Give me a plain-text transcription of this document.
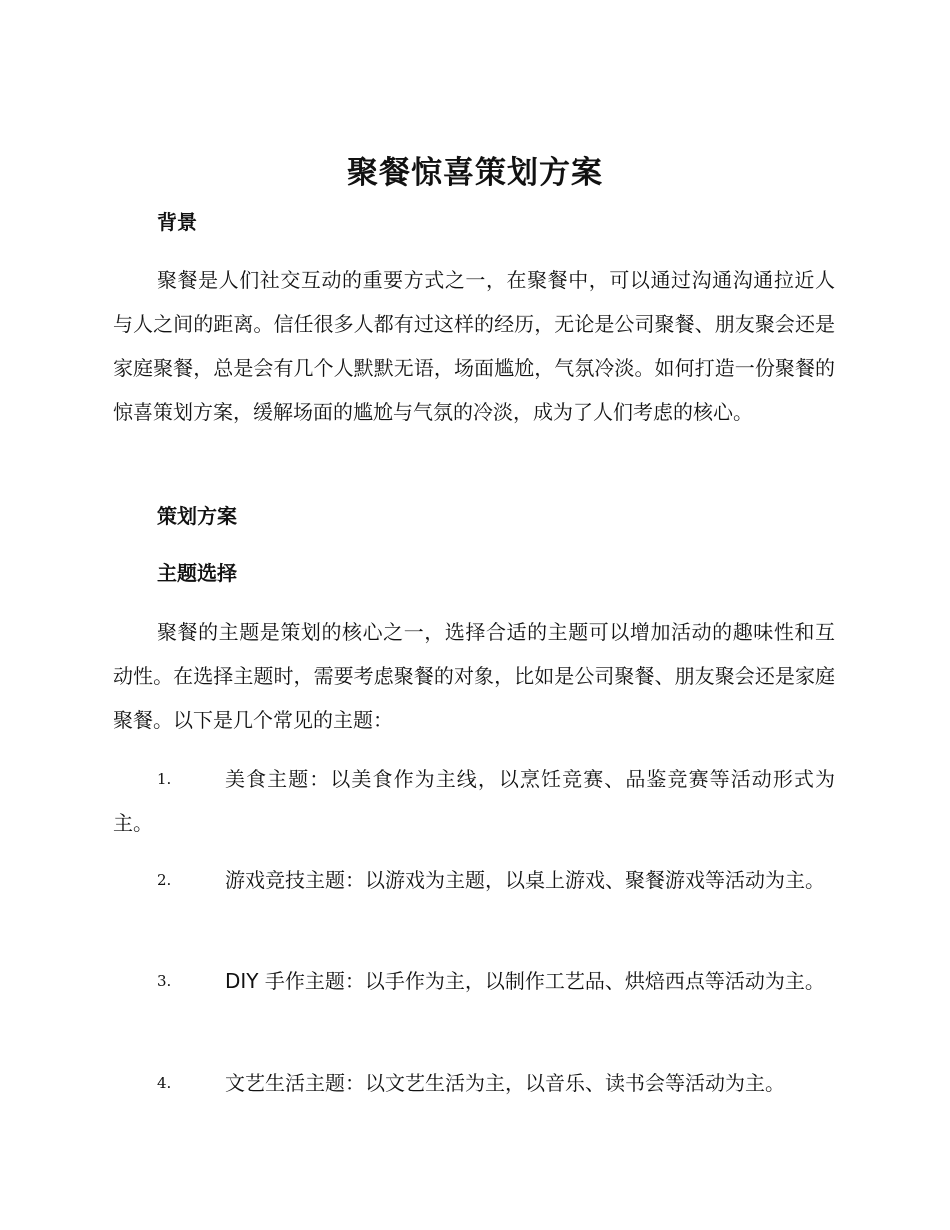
聚餐惊喜策划方案
背景
聚餐是人们社交互动的重要方式之一，在聚餐中，可以通过沟通沟通拉近人与人之间的距离。信任很多人都有过这样的经历，无论是公司聚餐、朋友聚会还是家庭聚餐，总是会有几个人默默无语，场面尴尬，气氛冷淡。如何打造一份聚餐的惊喜策划方案，缓解场面的尴尬与气氛的冷淡，成为了人们考虑的核心。
策划方案
主题选择
聚餐的主题是策划的核心之一，选择合适的主题可以增加活动的趣味性和互动性。在选择主题时，需要考虑聚餐的对象，比如是公司聚餐、朋友聚会还是家庭聚餐。以下是几个常见的主题：
1.	美食主题：以美食作为主线，以烹饪竞赛、品鉴竞赛等活动形式为主。
2.	游戏竞技主题：以游戏为主题，以桌上游戏、聚餐游戏等活动为主。
3.	DIY 手作主题：以手作为主，以制作工艺品、烘焙西点等活动为主。
4.	文艺生活主题：以文艺生活为主，以音乐、读书会等活动为主。
